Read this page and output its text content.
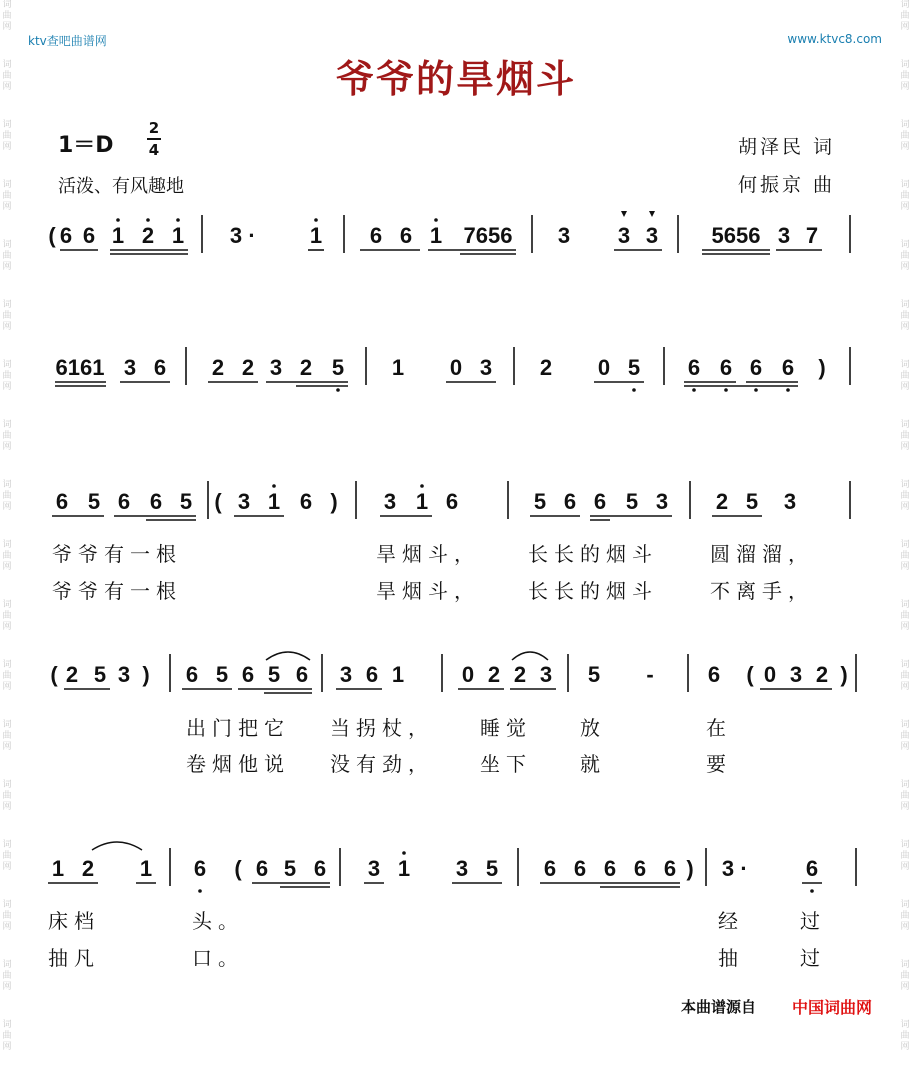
词
曲
网
词
曲
网
词
曲
网
词
曲
网
词
曲
网
词
曲
网
词
曲
网
词
曲
网
词
曲
网
词
曲
网
词
曲
网
词
曲
网
词
曲
网
词
曲
网
词
曲
网
词
曲
网
词
曲
网
词
曲
网
词
曲
网
词
曲
网
词
曲
网
词
曲
网
词
曲
网
词
曲
网
词
曲
网
词
曲
网
词
曲
网
词
曲
网
词
曲
网
词
曲
网
词
曲
网
词
曲
网
词
曲
网
词
曲
网
词
曲
网
词
曲
网
ktv查吧曲谱网	www.ktvc8.com
爷爷的旱烟斗
1＝D
2
4
活泼、有风趣地
胡泽民 词
何振京 曲
( 6 6 1 2 1 3 · 1 6 6 1 7656 3 3 3 5656 3 7
6161 3 6 2 2 3 2 5 1 0 3 2 0 5 6 6 6 6 )
6 5 6 6 5 ( 3 1 6 ) 3 1 6	5 6 6 5 3 2 5 3
( 2 5 3 ) 6 5 6 5 6 3 6 1	0 2 2 3 5 - 6 ( 0 3 2 )
1 2 1 6 ( 6 5 6 3 1 3 5 6 6 6 6 6 ) 3 ·	6
爷爷有一根	旱烟斗， 长长的烟斗	圆溜溜，
爷爷有一根	旱烟斗， 长长的烟斗	不离手，
出门把它 当拐杖， 睡觉 放	在
卷烟他说 没有劲， 坐下 就	要
床档	头。	经	过
抽凡	口。	抽	过
本曲谱源自 中国词曲网
